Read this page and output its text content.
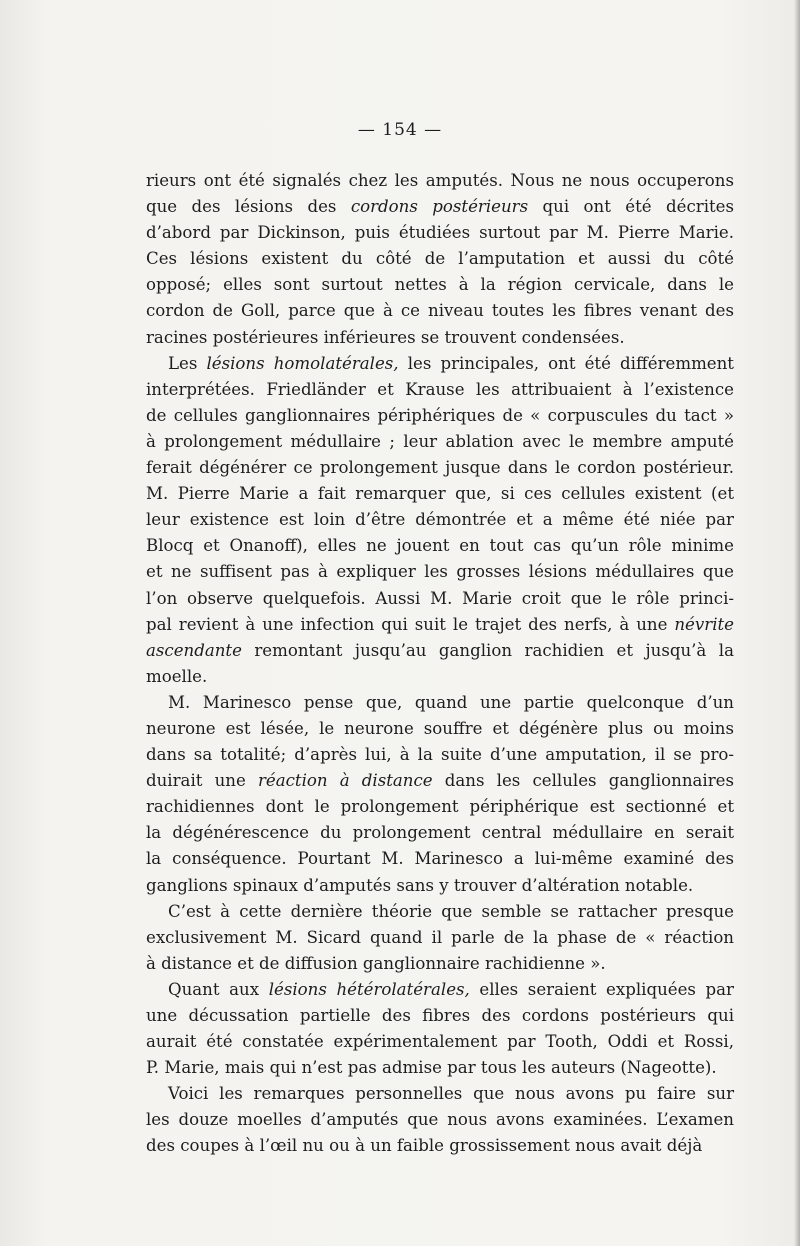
— 154 —
rieurs ont été signalés chez les amputés. Nous ne nous occuperons
que des lésions des cordons postérieurs qui ont été décrites
d’abord par Dickinson, puis étudiées surtout par M. Pierre Marie.
Ces lésions existent du côté de l’amputation et aussi du côté
opposé; elles sont surtout nettes à la région cervicale, dans le
cordon de Goll, parce que à ce niveau toutes les fibres venant des
racines postérieures inférieures se trouvent condensées.
Les lésions homolatérales, les principales, ont été différemment
interprétées. Friedländer et Krause les attribuaient à l’existence
de cellules ganglionnaires périphériques de « corpuscules du tact »
à prolongement médullaire ; leur ablation avec le membre amputé
ferait dégénérer ce prolongement jusque dans le cordon postérieur.
M. Pierre Marie a fait remarquer que, si ces cellules existent (et
leur existence est loin d’être démontrée et a même été niée par
Blocq et Onanoff), elles ne jouent en tout cas qu’un rôle minime
et ne suffisent pas à expliquer les grosses lésions médullaires que
l’on observe quelquefois. Aussi M. Marie croit que le rôle princi-
pal revient à une infection qui suit le trajet des nerfs, à une névrite
ascendante remontant jusqu’au ganglion rachidien et jusqu’à la
moelle.
M. Marinesco pense que, quand une partie quelconque d’un
neurone est lésée, le neurone souffre et dégénère plus ou moins
dans sa totalité; d’après lui, à la suite d’une amputation, il se pro-
duirait une réaction à distance dans les cellules ganglionnaires
rachidiennes dont le prolongement périphérique est sectionné et
la dégénérescence du prolongement central médullaire en serait
la conséquence. Pourtant M. Marinesco a lui-même examiné des
ganglions spinaux d’amputés sans y trouver d’altération notable.
C’est à cette dernière théorie que semble se rattacher presque
exclusivement M. Sicard quand il parle de la phase de « réaction
à distance et de diffusion ganglionnaire rachidienne ».
Quant aux lésions hétérolatérales, elles seraient expliquées par
une décussation partielle des fibres des cordons postérieurs qui
aurait été constatée expérimentalement par Tooth, Oddi et Rossi,
P. Marie, mais qui n’est pas admise par tous les auteurs (Nageotte).
Voici les remarques personnelles que nous avons pu faire sur
les douze moelles d’amputés que nous avons examinées. L’examen
des coupes à l’œil nu ou à un faible grossissement nous avait déjà
